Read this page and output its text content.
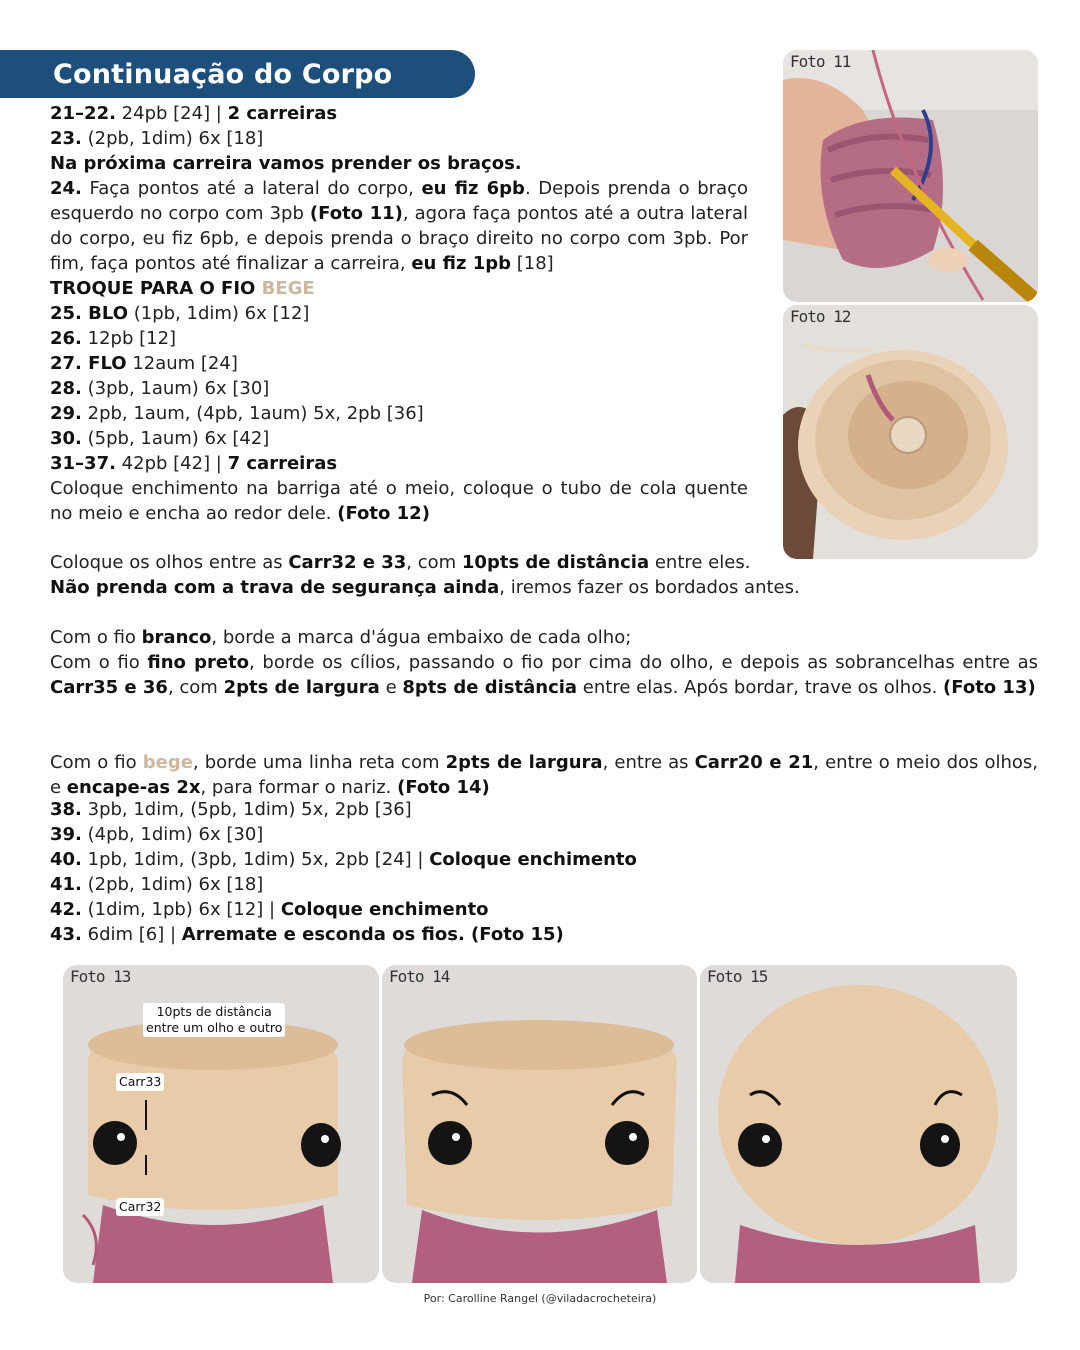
Continuação do Corpo
21–22. 24pb [24] | 2 carreiras
23. (2pb, 1dim) 6x [18]
Na próxima carreira vamos prender os braços.
24. Faça pontos até a lateral do corpo, eu fiz 6pb. Depois prenda o braço esquerdo no corpo com 3pb (Foto 11), agora faça pontos até a outra lateral do corpo, eu fiz 6pb, e depois prenda o braço direito no corpo com 3pb. Por fim, faça pontos até finalizar a carreira, eu fiz 1pb [18]
TROQUE PARA O FIO BEGE
25. BLO (1pb, 1dim) 6x [12]
26. 12pb [12]
27. FLO 12aum [24]
28. (3pb, 1aum) 6x [30]
29. 2pb, 1aum, (4pb, 1aum) 5x, 2pb [36]
30. (5pb, 1aum) 6x [42]
31–37. 42pb [42] | 7 carreiras
Coloque enchimento na barriga até o meio, coloque o tubo de cola quente no meio e encha ao redor dele. (Foto 12)
Coloque os olhos entre as Carr32 e 33, com 10pts de distância entre eles.
Não prenda com a trava de segurança ainda, iremos fazer os bordados antes.
Com o fio branco, borde a marca d'água embaixo de cada olho;
Com o fio fino preto, borde os cílios, passando o fio por cima do olho, e depois as sobrancelhas entre as Carr35 e 36, com 2pts de largura e 8pts de distância entre elas. Após bordar, trave os olhos. (Foto 13)
Com o fio bege, borde uma linha reta com 2pts de largura, entre as Carr20 e 21, entre o meio dos olhos, e encape-as 2x, para formar o nariz. (Foto 14)
38. 3pb, 1dim, (5pb, 1dim) 5x, 2pb [36]
39. (4pb, 1dim) 6x [30]
40. 1pb, 1dim, (3pb, 1dim) 5x, 2pb [24] | Coloque enchimento
41. (2pb, 1dim) 6x [18]
42. (1dim, 1pb) 6x [12] | Coloque enchimento
43. 6dim [6] | Arremate e esconda os fios. (Foto 15)
Foto 11
Foto 12
Foto 13
10pts de distância
entre um olho e outro
Carr33
Carr32
Foto 14	Foto 15
Por: Carolline Rangel (@viladacrocheteira)
